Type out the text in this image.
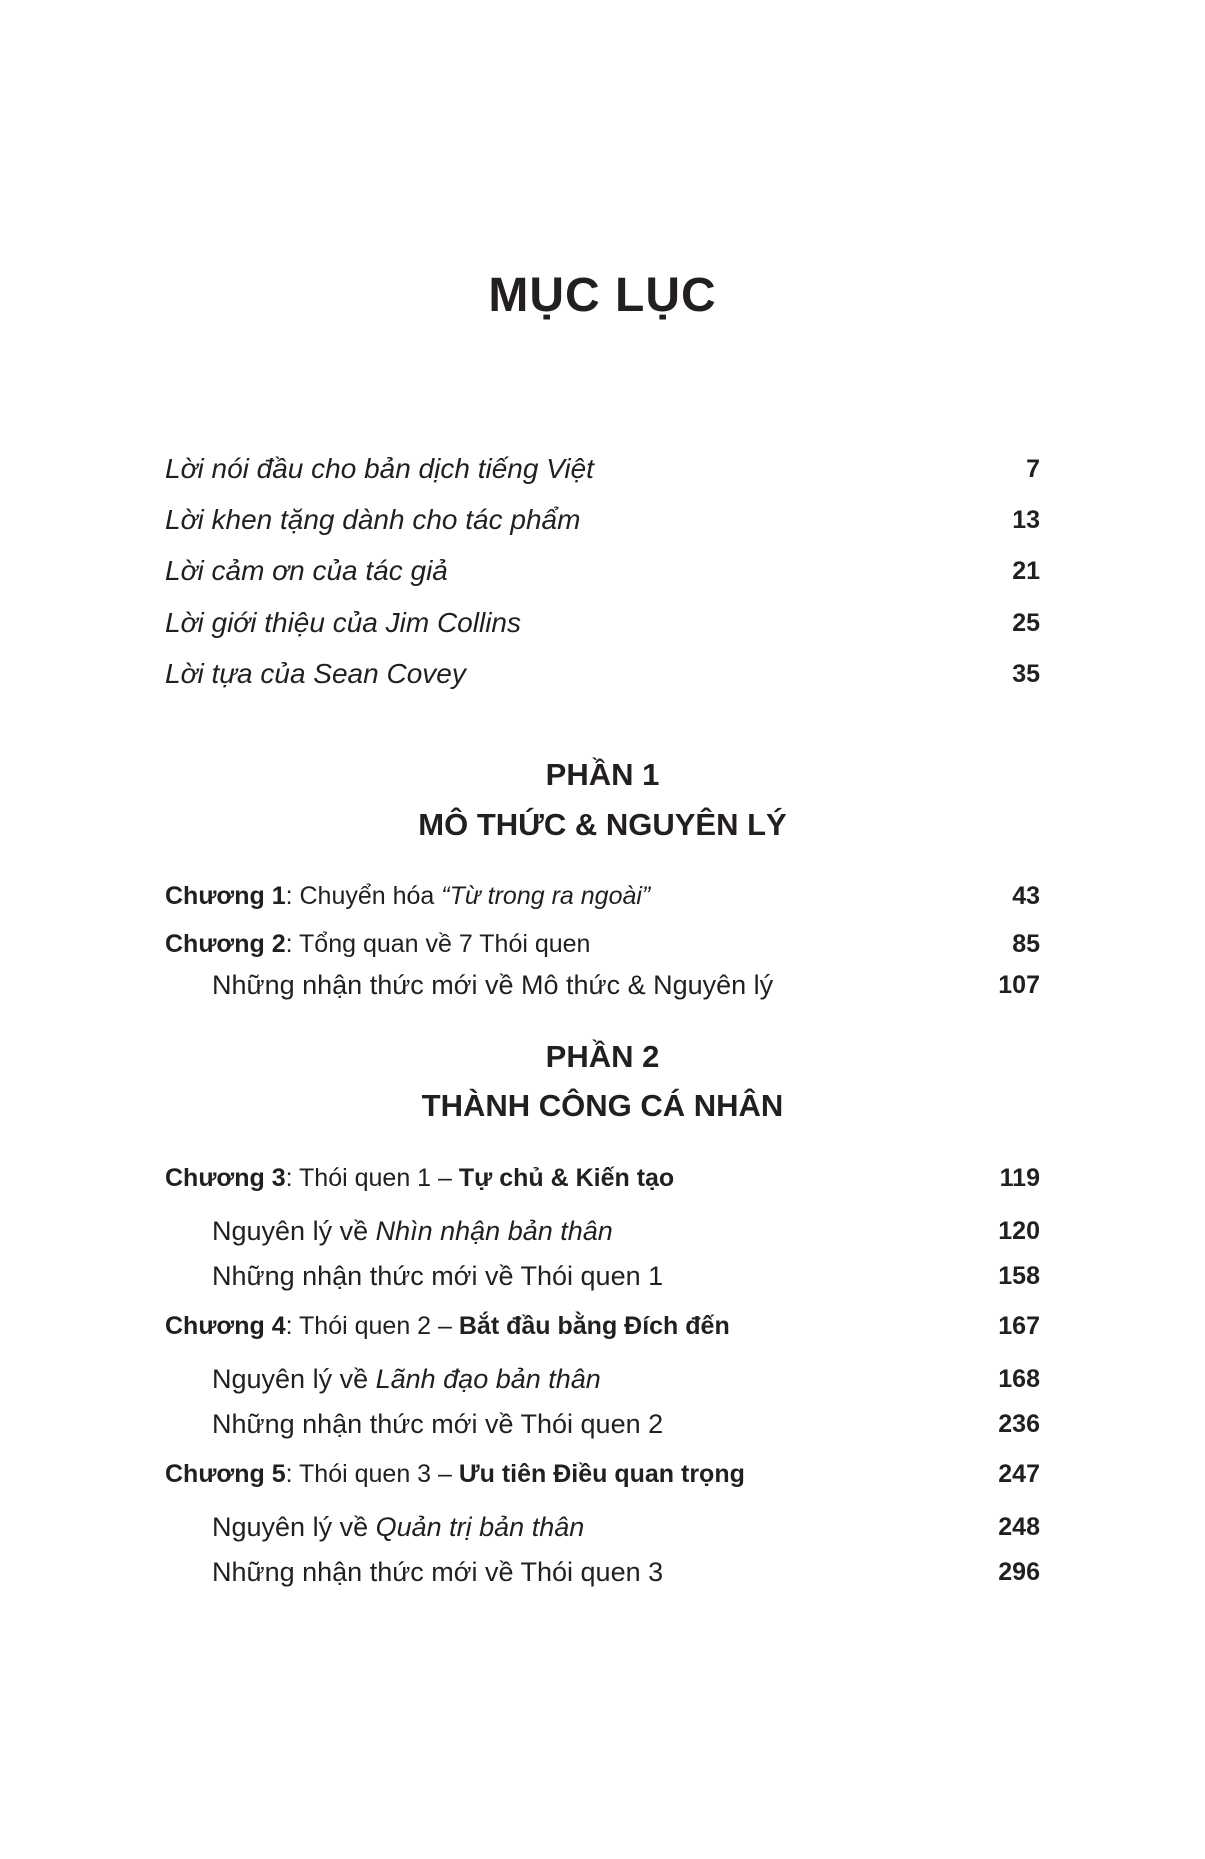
MỤC LỤC
Lời nói đầu cho bản dịch tiếng Việt	7
Lời khen tặng dành cho tác phẩm	13
Lời cảm ơn của tác giả	21
Lời giới thiệu của Jim Collins	25
Lời tựa của Sean Covey	35
PHẦN 1
MÔ THỨC & NGUYÊN LÝ
Chương 1: Chuyển hóa “Từ trong ra ngoài”	43
Chương 2: Tổng quan về 7 Thói quen	85
Những nhận thức mới về Mô thức & Nguyên lý	107
PHẦN 2
THÀNH CÔNG CÁ NHÂN
Chương 3: Thói quen 1 – Tự chủ & Kiến tạo	119
Nguyên lý về Nhìn nhận bản thân	120
Những nhận thức mới về Thói quen 1	158
Chương 4: Thói quen 2 – Bắt đầu bằng Đích đến	167
Nguyên lý về Lãnh đạo bản thân	168
Những nhận thức mới về Thói quen 2	236
Chương 5: Thói quen 3 – Ưu tiên Điều quan trọng	247
Nguyên lý về Quản trị bản thân	248
Những nhận thức mới về Thói quen 3	296
